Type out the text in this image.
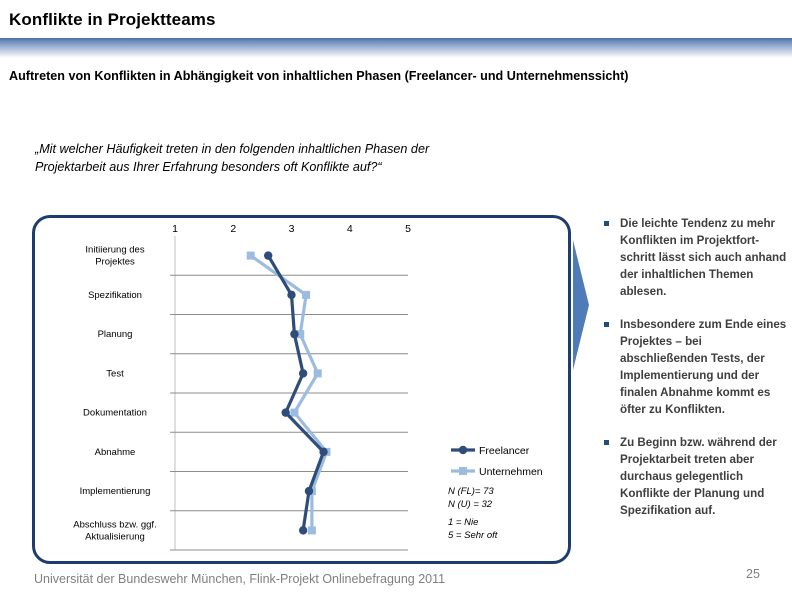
Konflikte in Projektteams
Auftreten von Konflikten in Abhängigkeit von inhaltlichen Phasen (Freelancer- und Unternehmenssicht)
„Mit welcher Häufigkeit treten in den folgenden inhaltlichen Phasen der
Projektarbeit aus Ihrer Erfahrung besonders oft Konflikte auf?“
1	2	3	4	5
Initiierung des
Projektes
Spezifikation
Planung
Test
Dokumentation
Abnahme
Implementierung
Abschluss bzw. ggf.
Aktualisierung
Freelancer
Unternehmen
N (FL)= 73
N (U) = 32
1 = Nie
5 = Sehr oft
Die leichte Tendenz zu mehr Konflikten im Projektfort-schritt lässt sich auch anhand der inhaltlichen Themen ablesen.
Insbesondere zum Ende eines Projektes – bei abschließenden Tests, der Implementierung und der finalen Abnahme kommt es öfter zu Konflikten.
Zu Beginn bzw. während der Projektarbeit treten aber durchaus gelegentlich Konflikte der Planung und Spezifikation auf.
Universität der Bundeswehr München, Flink-Projekt Onlinebefragung 2011	25
